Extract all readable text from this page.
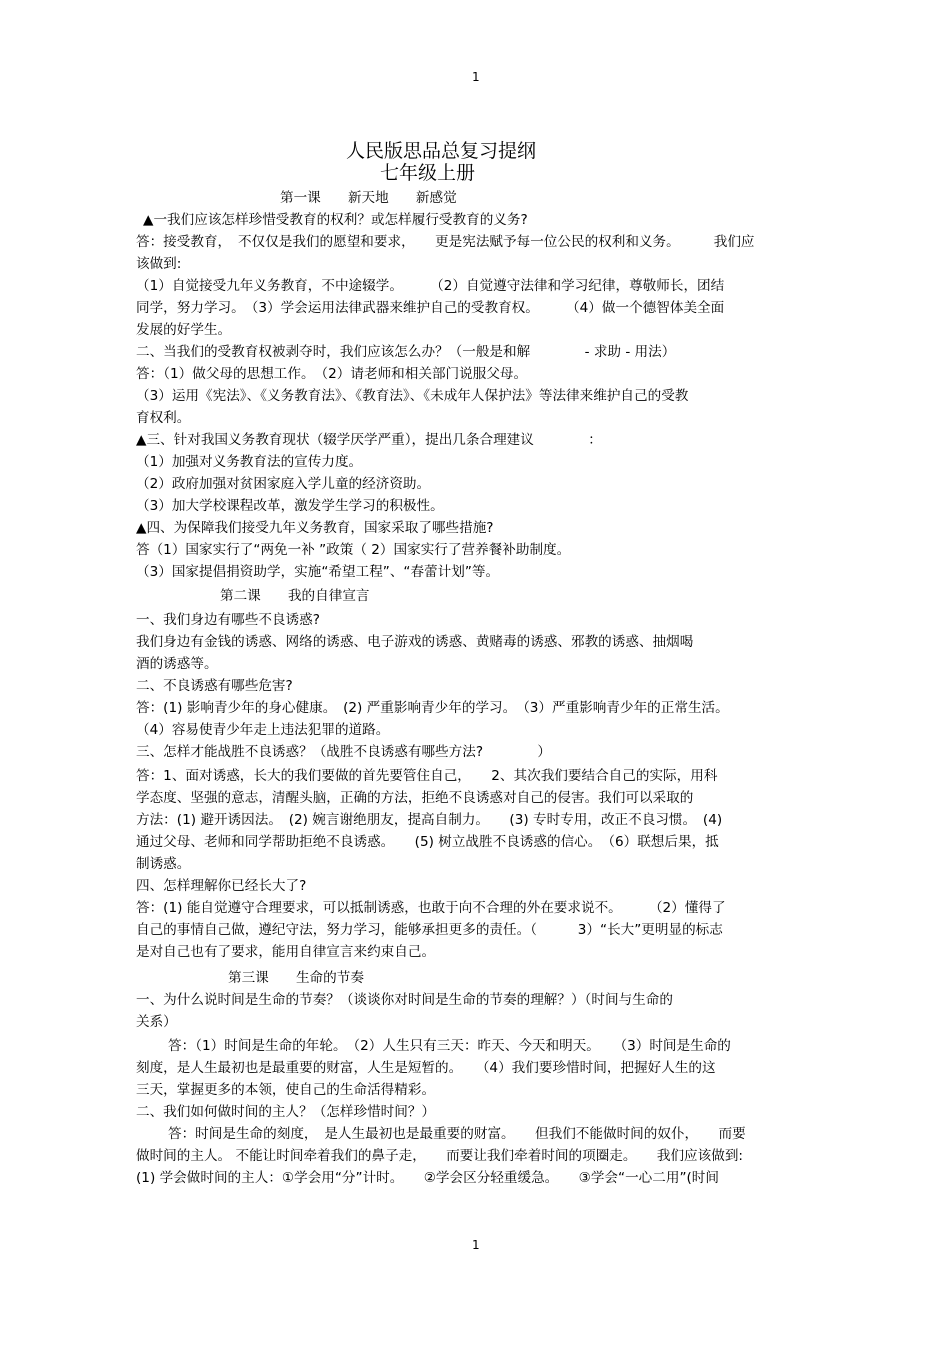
1
人民版思品总复习提纲
七年级上册
第一课　　新天地　　新感觉
▲一我们应该怎样珍惜受教育的权利？或怎样履行受教育的义务?
答：接受教育，　不仅仅是我们的愿望和要求，　　更是宪法赋予每一位公民的权利和义务。　　　我们应
该做到:
（1）自觉接受九年义务教育，不中途辍学。　　　（2）自觉遵守法律和学习纪律，尊敬师长，团结
同学，努力学习。　（3）学会运用法律武器来维护自己的受教育权。　　　（4）做一个德智体美全面
发展的好学生。
二、当我们的受教育权被剥夺时，我们应该怎么办？（一般是和解　　　　- 求助 - 用法）
答：（1）做父母的思想工作。　（2）请老师和相关部门说服父母。
（3）运用《宪法》、《义务教育法》、《教育法》、《未成年人保护法》等法律来维护自己的受教
育权利。
▲三、针对我国义务教育现状（辍学厌学严重），提出几条合理建议　　　　：
（1）加强对义务教育法的宣传力度。
（2）政府加强对贫困家庭入学儿童的经济资助。
（3）加大学校课程改革，激发学生学习的积极性。
▲四、为保障我们接受九年义务教育，国家采取了哪些措施?
答（1）国家实行了“两免一补 ”政策（ 2）国家实行了营养餐补助制度。
（3）国家提倡捐资助学，实施“希望工程”、“春蕾计划”等。
第二课　　我的自律宣言
一、我们身边有哪些不良诱惑?
我们身边有金钱的诱惑、网络的诱惑、电子游戏的诱惑、黄赌毒的诱惑、邪教的诱惑、抽烟喝
酒的诱惑等。
二、不良诱惑有哪些危害?
答：(1) 影响青少年的身心健康。　(2) 严重影响青少年的学习。　（3）严重影响青少年的正常生活。
（4）容易使青少年走上违法犯罪的道路。
三、怎样才能战胜不良诱惑？（战胜不良诱惑有哪些方法?　　　　）
答：1、面对诱惑，长大的我们要做的首先要管住自己，　　2、其次我们要结合自己的实际，用科
学态度、坚强的意志，清醒头脑，正确的方法，拒绝不良诱惑对自己的侵害。我们可以采取的
方法：(1) 避开诱因法。　(2) 婉言谢绝朋友，提高自制力。　　(3) 专时专用，改正不良习惯。　(4)
通过父母、老师和同学帮助拒绝不良诱惑。　　(5) 树立战胜不良诱惑的信心。　（6）联想后果，抵
制诱惑。
四、怎样理解你已经长大了?
答：(1) 能自觉遵守合理要求，可以抵制诱惑，也敢于向不合理的外在要求说不。　　　（2）懂得了
自己的事情自己做，遵纪守法，努力学习，能够承担更多的责任。（　　　3）“长大”更明显的标志
是对自己也有了要求，能用自律宣言来约束自己。
第三课　　生命的节奏
一、为什么说时间是生命的节奏？（谈谈你对时间是生命的节奏的理解？）（时间与生命的
关系）
答：（1）时间是生命的年轮。　（2）人生只有三天：昨天、今天和明天。　　（3）时间是生命的
刻度，是人生最初也是最重要的财富，人生是短暂的。　　（4）我们要珍惜时间，把握好人生的这
三天，掌握更多的本领，使自己的生命活得精彩。
二、我们如何做时间的主人？（怎样珍惜时间？）
答：时间是生命的刻度，　是人生最初也是最重要的财富。　　但我们不能做时间的奴仆，　　而要
做时间的主人。 不能让时间牵着我们的鼻子走，　　而要让我们牵着时间的项圈走。　　我们应该做到:
(1) 学会做时间的主人：①学会用“分”计时。　　②学会区分轻重缓急。　　③学会“一心二用”(时间
1
